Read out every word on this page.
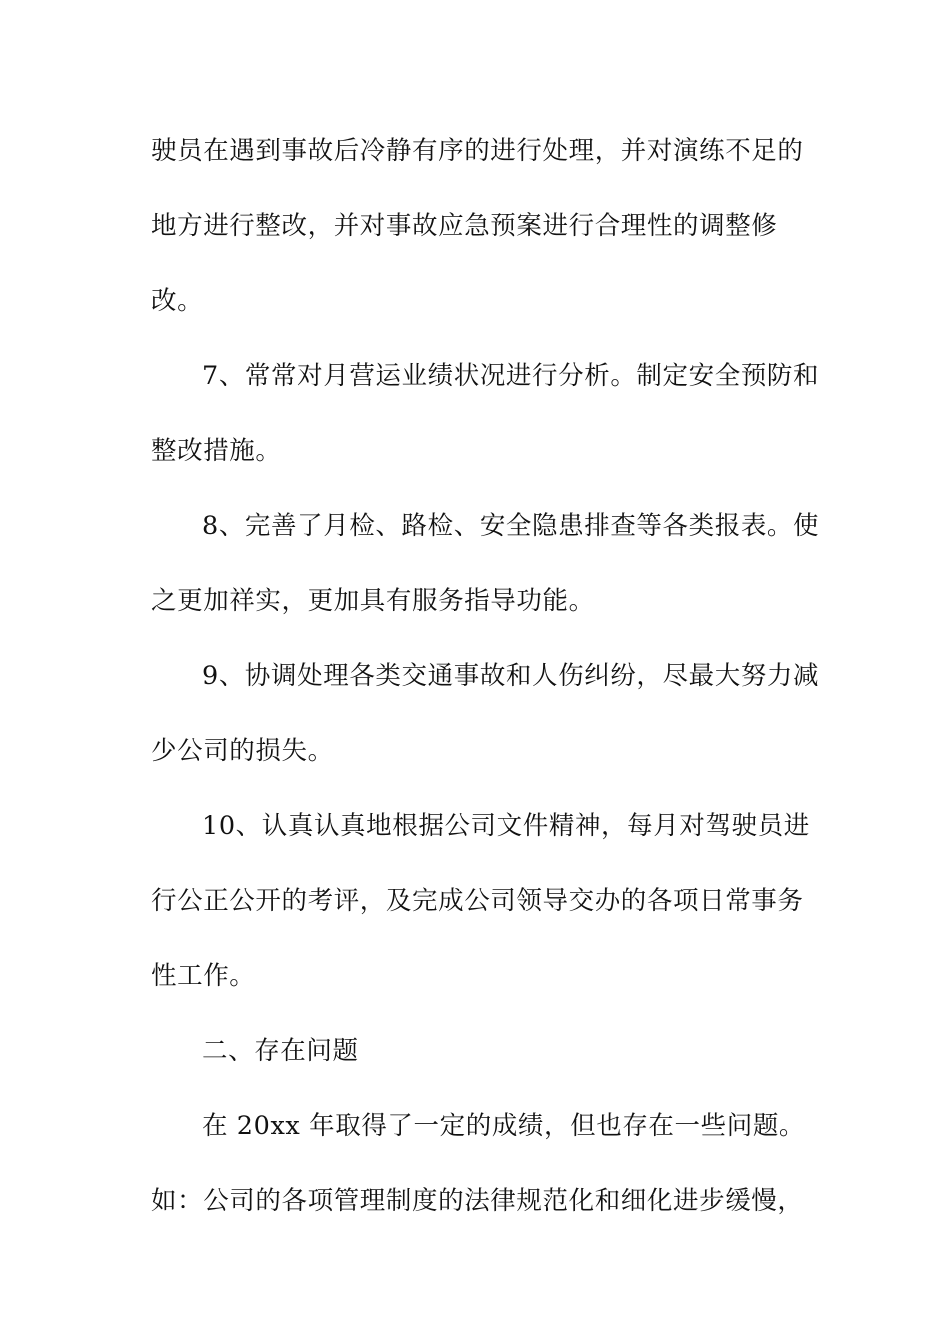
驶员在遇到事故后冷静有序的进行处理，并对演练不足的
地方进行整改，并对事故应急预案进行合理性的调整修
改。
7、常常对月营运业绩状况进行分析。制定安全预防和
整改措施。
8、完善了月检、路检、安全隐患排查等各类报表。使
之更加祥实，更加具有服务指导功能。
9、协调处理各类交通事故和人伤纠纷，尽最大努力减
少公司的损失。
10、认真认真地根据公司文件精神，每月对驾驶员进
行公正公开的考评，及完成公司领导交办的各项日常事务
性工作。
二、存在问题
在 20xx 年取得了一定的成绩，但也存在一些问题。
如：公司的各项管理制度的法律规范化和细化进步缓慢，
